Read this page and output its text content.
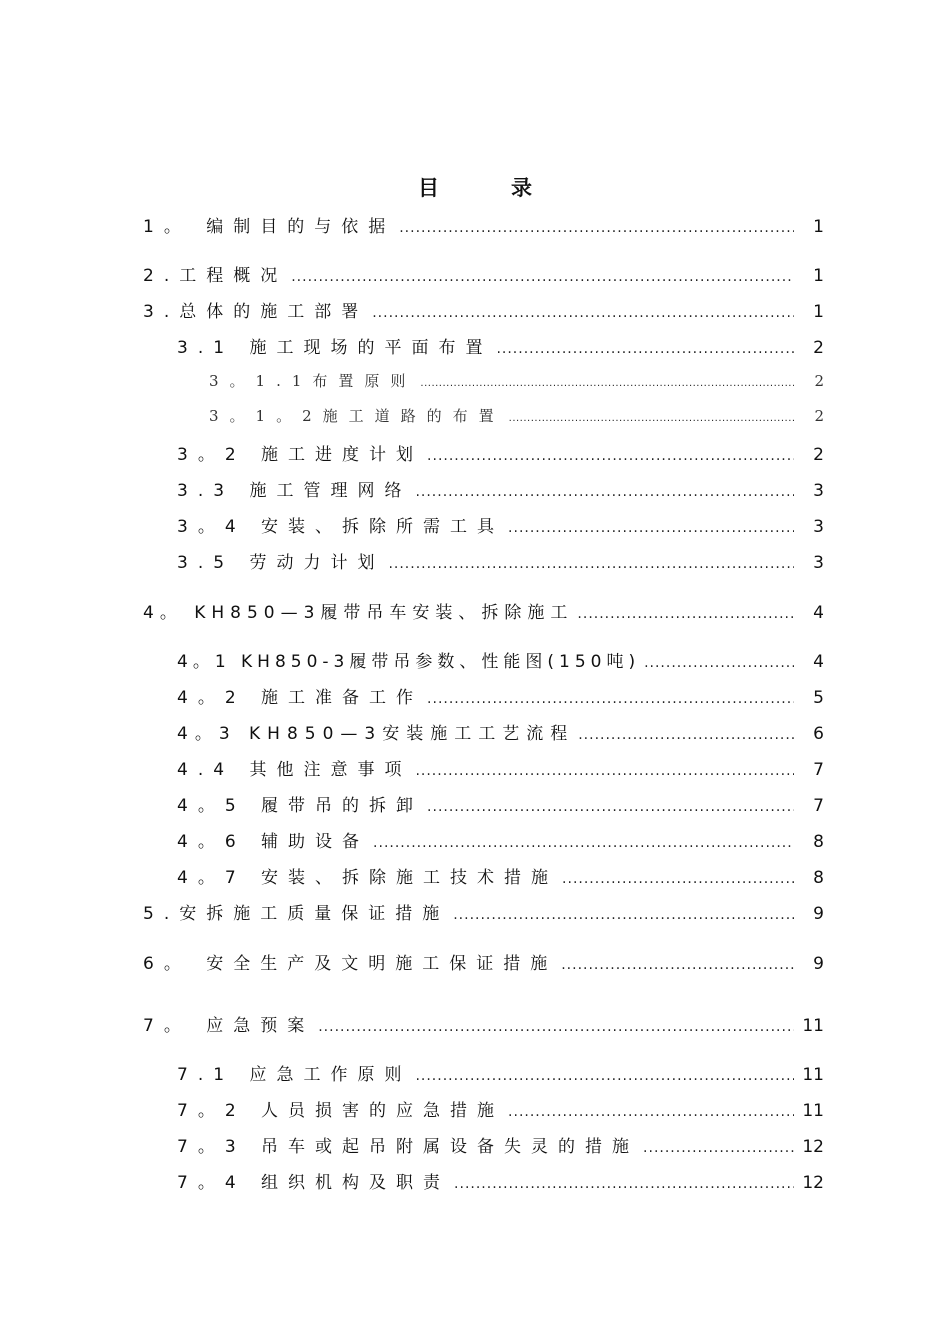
目	录
1。 编制目的与依据 .....	1
2.工程概况 .....	1
3.总体的施工部署 .....	1
3.1 施工现场的平面布置 .....	2
3。1.1布置原则 .....	2
3。1。2施工道路的布置 .....	2
3。2 施工进度计划 .....	2
3.3 施工管理网络 .....	3
3。4 安装、拆除所需工具 .....	3
3.5 劳动力计划 .....	3
4。 KH850—3履带吊车安装、拆除施工 .....	4
4。1 KH850-3履带吊参数、性能图(150吨) .....	4
4。2 施工准备工作 .....	5
4。3 KH850—3安装施工工艺流程 .....	6
4.4 其他注意事项 .....	7
4。5 履带吊的拆卸 .....	7
4。6 辅助设备 .....	8
4。7 安装、拆除施工技术措施 .....	8
5.安拆施工质量保证措施 .....	9
6。 安全生产及文明施工保证措施 .....	9
7。 应急预案 .....	11
7.1 应急工作原则 .....	11
7。2 人员损害的应急措施 .....	11
7。3 吊车或起吊附属设备失灵的措施 .....	12
7。4 组织机构及职责 .....	12
